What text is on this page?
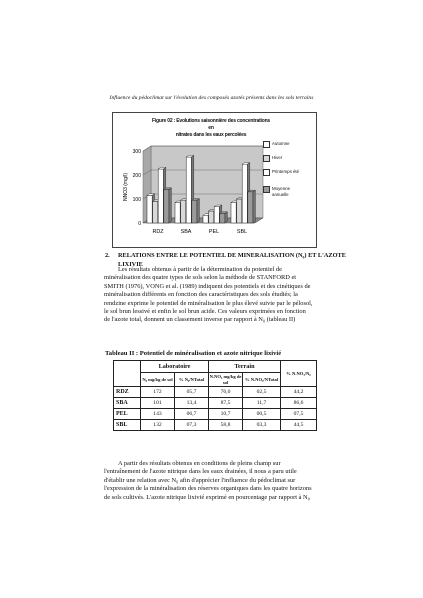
Influence du pédoclimat sur l'évolution des composés azotés présents dans les sols terrains
Figure 02 : Evolutions saisonnière des concentrations en
nitrates dans les eaux percolées
0
100
200
300
NNO3 (mg/l)
RDZ	SBA	PEL	SBL
Automne
Hiver
Printemps été
Moyenne annuelle
2. RELATIONS ENTRE LE POTENTIEL DE MINERALISATION (N₀) ET L'AZOTE
LIXIVIE
Les résultats obtenus à partir de la détermination du potentiel de
minéralisation des quatre types de sols selon la méthode de STANFORD et
SMITH (1976), VONG et al. (1989) indiquent des potentiels et des cinétiques de
minéralisation différents en fonction des caractéristiques des sols étudiés; la
rendzine exprime le potentiel de minéralisation le plus élevé suivie par le pélosol,
le sol brun lessivé et enfin le sol brun acide. Ces valeurs exprimées en fonction
de l'azote total, donnent un classement inverse par rapport à N₀ (tableau II)
Tableau II : Potentiel de minéralisation et azote nitrique lixivié
	Laboratoire		Terrain		% N.NO₃/N₀
	N₀ mg/kg de sol	% N₀/NTotal	N.NO₃ mg/kg de sol	% N.NO₃/NTotal	
RDZ	172	05,7	76,0	02,5	44,2
SBA	101	13,4	87,5	11,7	86,6
PEL	143	06,7	10,7	00,5	07,5
SBL	132	07,3	58,8	03,3	44,5
A partir des résultats obtenus en conditions de pleins champ sur
l'entraînement de l'azote nitrique dans les eaux drainées, il nous a paru utile
d'établir une relation avec N₀ afin d'apprécier l'influence du pédoclimat sur
l'expression de la minéralisation des réserves organiques dans les quatre horizons
de sols cultivés. L'azote nitrique lixivié exprimé en pourcentage par rapport à N₀
